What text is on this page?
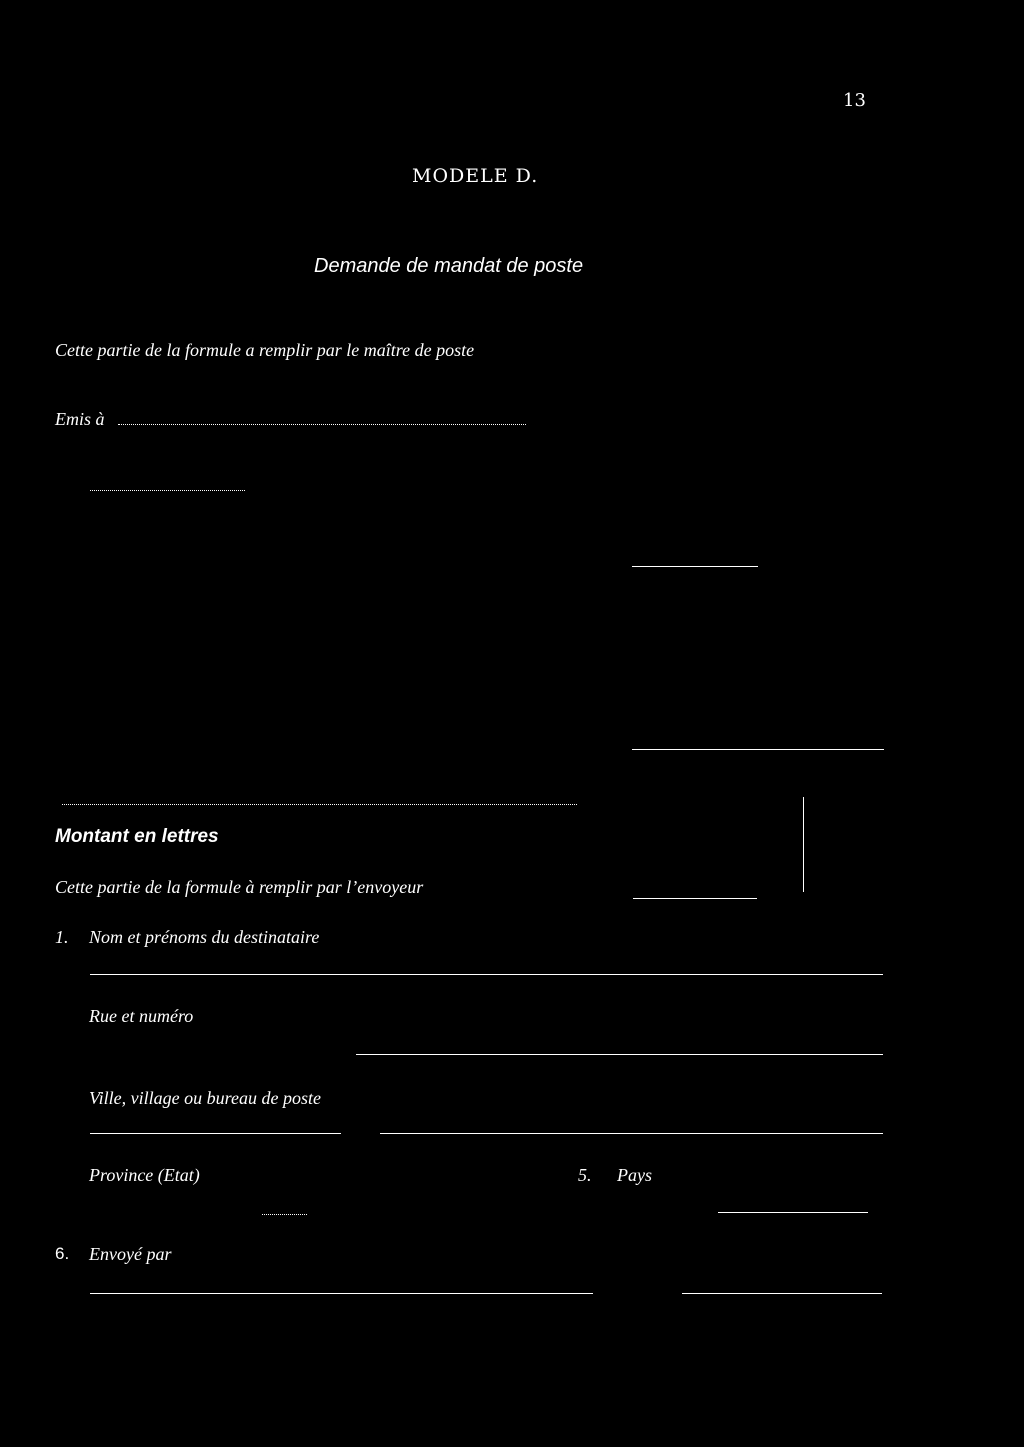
13
MODELE D.
Demande de mandat de poste
Cette partie de la formule a remplir par le maître de poste
Emis à
Montant en lettres
Cette partie de la formule à remplir par l’envoyeur
1. Nom et prénoms du destinataire
Rue et numéro
Ville, village ou bureau de poste
Province (Etat)	5. Pays
6. Envoyé par
